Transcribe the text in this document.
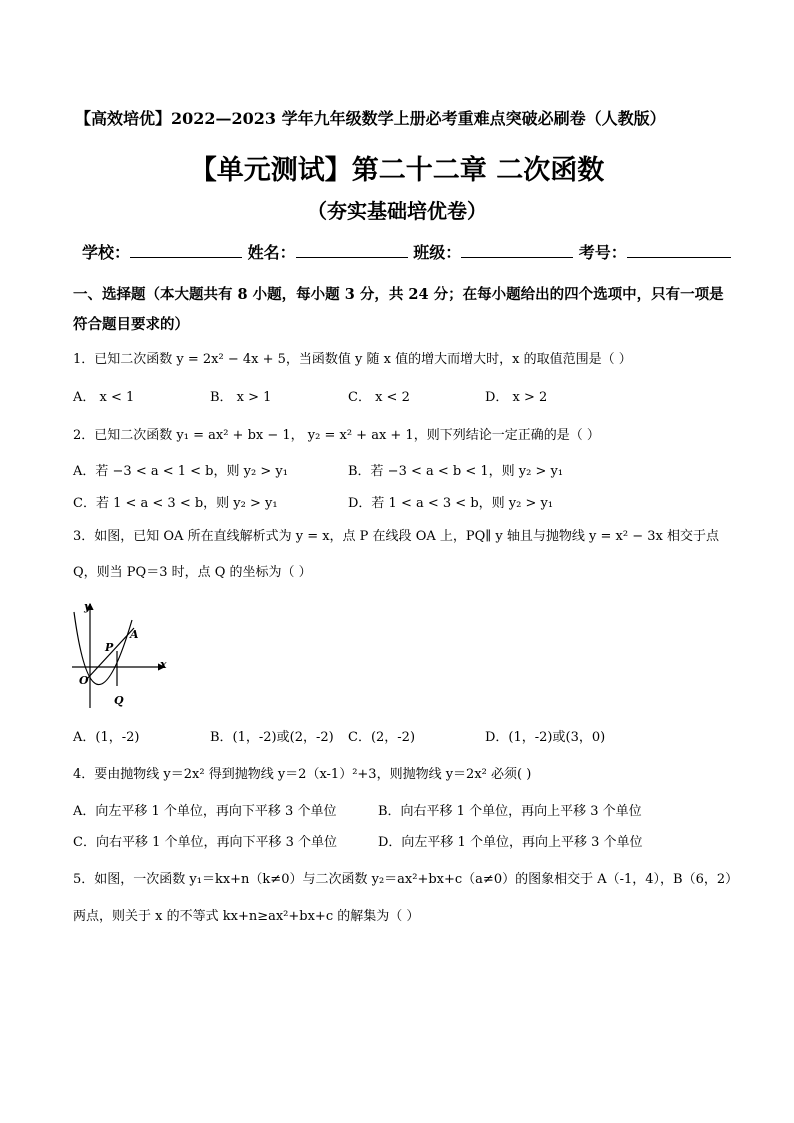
【高效培优】2022—2023 学年九年级数学上册必考重难点突破必刷卷（人教版）
【单元测试】第二十二章 二次函数
（夯实基础培优卷）
学校：	姓名：	班级：	考号：
一、选择题（本大题共有 8 小题，每小题 3 分，共 24 分；在每小题给出的四个选项中，只有一项是符合题目要求的）
1．已知二次函数 y = 2x² − 4x + 5，当函数值 y 随 x 值的增大而增大时，x 的取值范围是（ ）
A． x < 1	B． x > 1	C． x < 2	D． x > 2
2．已知二次函数 y₁ = ax² + bx − 1， y₂ = x² + ax + 1，则下列结论一定正确的是（ ）
A．若 −3 < a < 1 < b，则 y₂ > y₁	B．若 −3 < a < b < 1，则 y₂ > y₁
C．若 1 < a < 3 < b，则 y₂ > y₁	D．若 1 < a < 3 < b，则 y₂ > y₁
3．如图，已知 OA 所在直线解析式为 y = x，点 P 在线段 OA 上，PQ∥ y 轴且与抛物线 y = x² − 3x 相交于点
Q，则当 PQ＝3 时，点 Q 的坐标为（ ）
y
x
O
P
A
Q
A．(1，-2)	B．(1，-2)或(2，-2) C．(2，-2)	D．(1，-2)或(3，0)
4．要由抛物线 y＝2x² 得到抛物线 y＝2（x-1）²+3，则抛物线 y＝2x² 必须( )
A．向左平移 1 个单位，再向下平移 3 个单位	B．向右平移 1 个单位，再向上平移 3 个单位
C．向右平移 1 个单位，再向下平移 3 个单位	D．向左平移 1 个单位，再向上平移 3 个单位
5．如图，一次函数 y₁＝kx+n（k≠0）与二次函数 y₂＝ax²+bx+c（a≠0）的图象相交于 A（-1，4），B（6，2）
两点，则关于 x 的不等式 kx+n≥ax²+bx+c 的解集为（ ）
